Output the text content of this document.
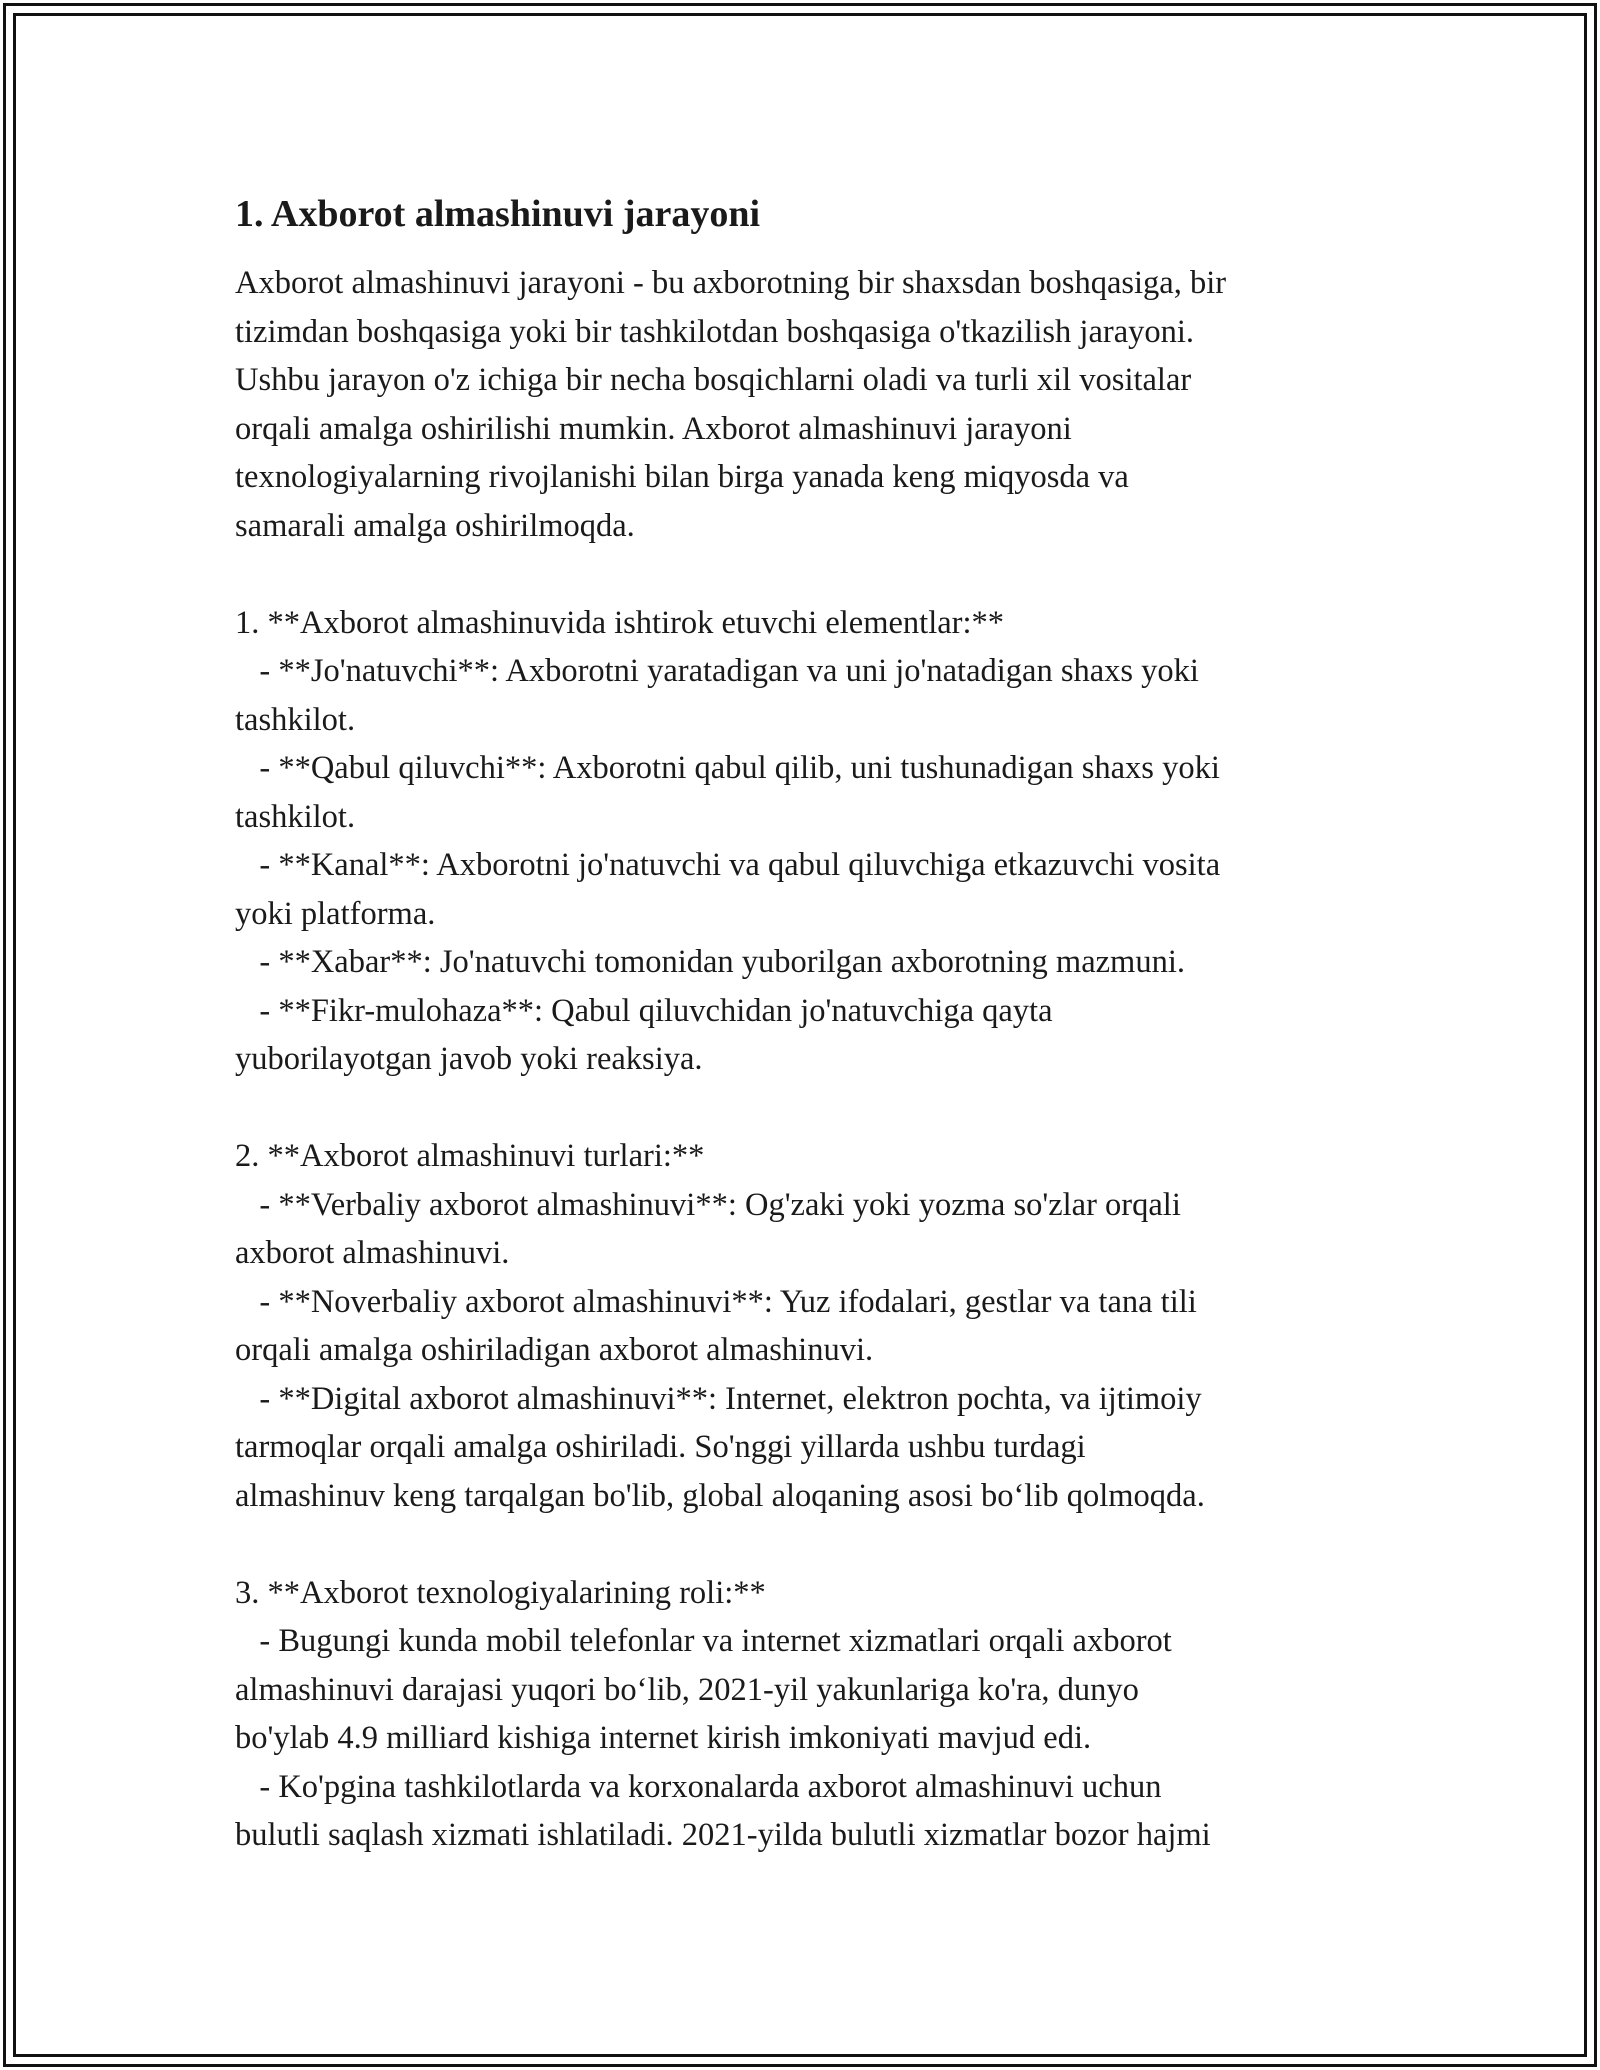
1. Axborot almashinuvi jarayoni
Axborot almashinuvi jarayoni - bu axborotning bir shaxsdan boshqasiga, bir
tizimdan boshqasiga yoki bir tashkilotdan boshqasiga o'tkazilish jarayoni.
Ushbu jarayon o'z ichiga bir necha bosqichlarni oladi va turli xil vositalar
orqali amalga oshirilishi mumkin. Axborot almashinuvi jarayoni
texnologiyalarning rivojlanishi bilan birga yanada keng miqyosda va
samarali amalga oshirilmoqda.

1. **Axborot almashinuvida ishtirok etuvchi elementlar:**

- **Jo'natuvchi**: Axborotni yaratadigan va uni jo'natadigan shaxs yoki
tashkilot.
- **Qabul qiluvchi**: Axborotni qabul qilib, uni tushunadigan shaxs yoki
tashkilot.
- **Kanal**: Axborotni jo'natuvchi va qabul qiluvchiga etkazuvchi vosita
yoki platforma.
- **Xabar**: Jo'natuvchi tomonidan yuborilgan axborotning mazmuni.
- **Fikr-mulohaza**: Qabul qiluvchidan jo'natuvchiga qayta
yuborilayotgan javob yoki reaksiya.

2. **Axborot almashinuvi turlari:**

- **Verbaliy axborot almashinuvi**: Og'zaki yoki yozma so'zlar orqali
axborot almashinuvi.
- **Noverbaliy axborot almashinuvi**: Yuz ifodalari, gestlar va tana tili
orqali amalga oshiriladigan axborot almashinuvi.
- **Digital axborot almashinuvi**: Internet, elektron pochta, va ijtimoiy
tarmoqlar orqali amalga oshiriladi. So'nggi yillarda ushbu turdagi
almashinuv keng tarqalgan bo'lib, global aloqaning asosi bo‘lib qolmoqda.

3. **Axborot texnologiyalarining roli:**

- Bugungi kunda mobil telefonlar va internet xizmatlari orqali axborot
almashinuvi darajasi yuqori bo‘lib, 2021-yil yakunlariga ko'ra, dunyo
bo'ylab 4.9 milliard kishiga internet kirish imkoniyati mavjud edi.
- Ko'pgina tashkilotlarda va korxonalarda axborot almashinuvi uchun
bulutli saqlash xizmati ishlatiladi. 2021-yilda bulutli xizmatlar bozor hajmi
